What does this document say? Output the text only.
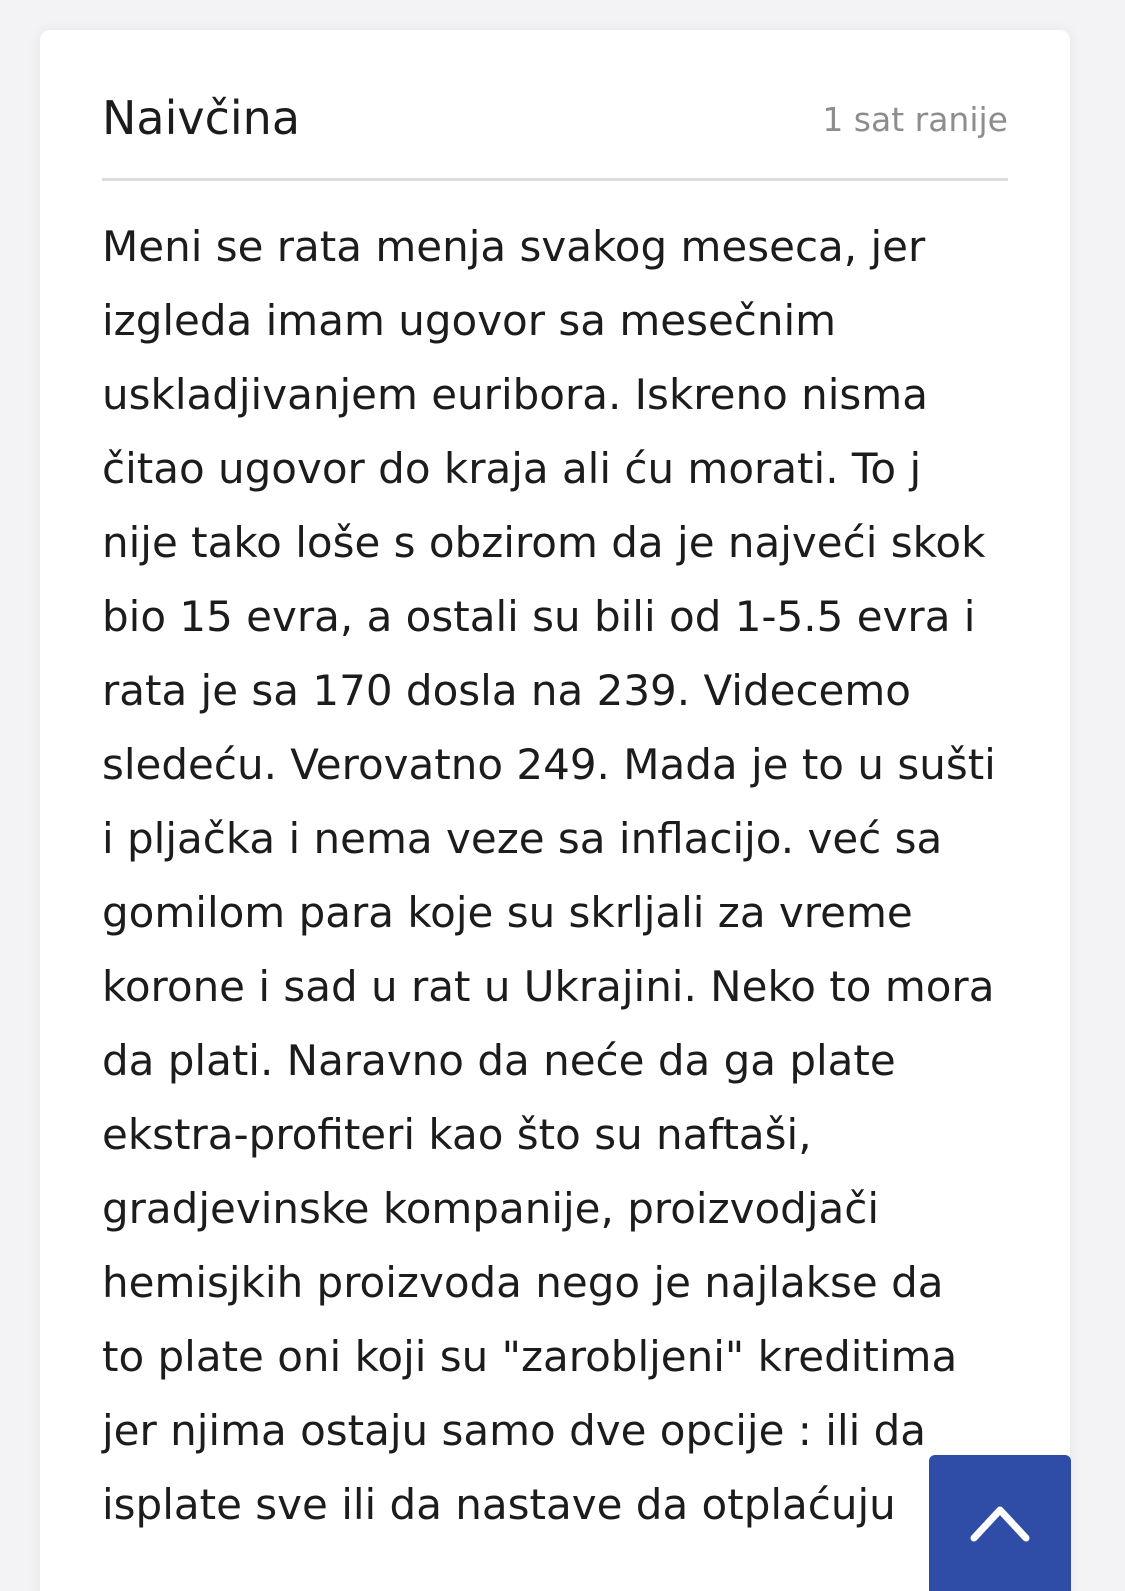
Naivčina	1 sat ranije
Meni se rata menja svakog meseca, jer
izgleda imam ugovor sa mesečnim
uskladjivanjem euribora. Iskreno nisma
čitao ugovor do kraja ali ću morati. To j
nije tako loše s obzirom da je najveći skok
bio 15 evra, a ostali su bili od 1-5.5 evra i
rata je sa 170 dosla na 239. Videcemo
sledeću. Verovatno 249. Mada je to u sušti
i pljačka i nema veze sa inflacijo. već sa
gomilom para koje su skrljali za vreme
korone i sad u rat u Ukrajini. Neko to mora
da plati. Naravno da neće da ga plate
ekstra-profiteri kao što su naftaši,
gradjevinske kompanije, proizvodjači
hemisjkih proizvoda nego je najlakse da
to plate oni koji su "zarobljeni" kreditima
jer njima ostaju samo dve opcije : ili da
isplate sve ili da nastave da otplaćuju
